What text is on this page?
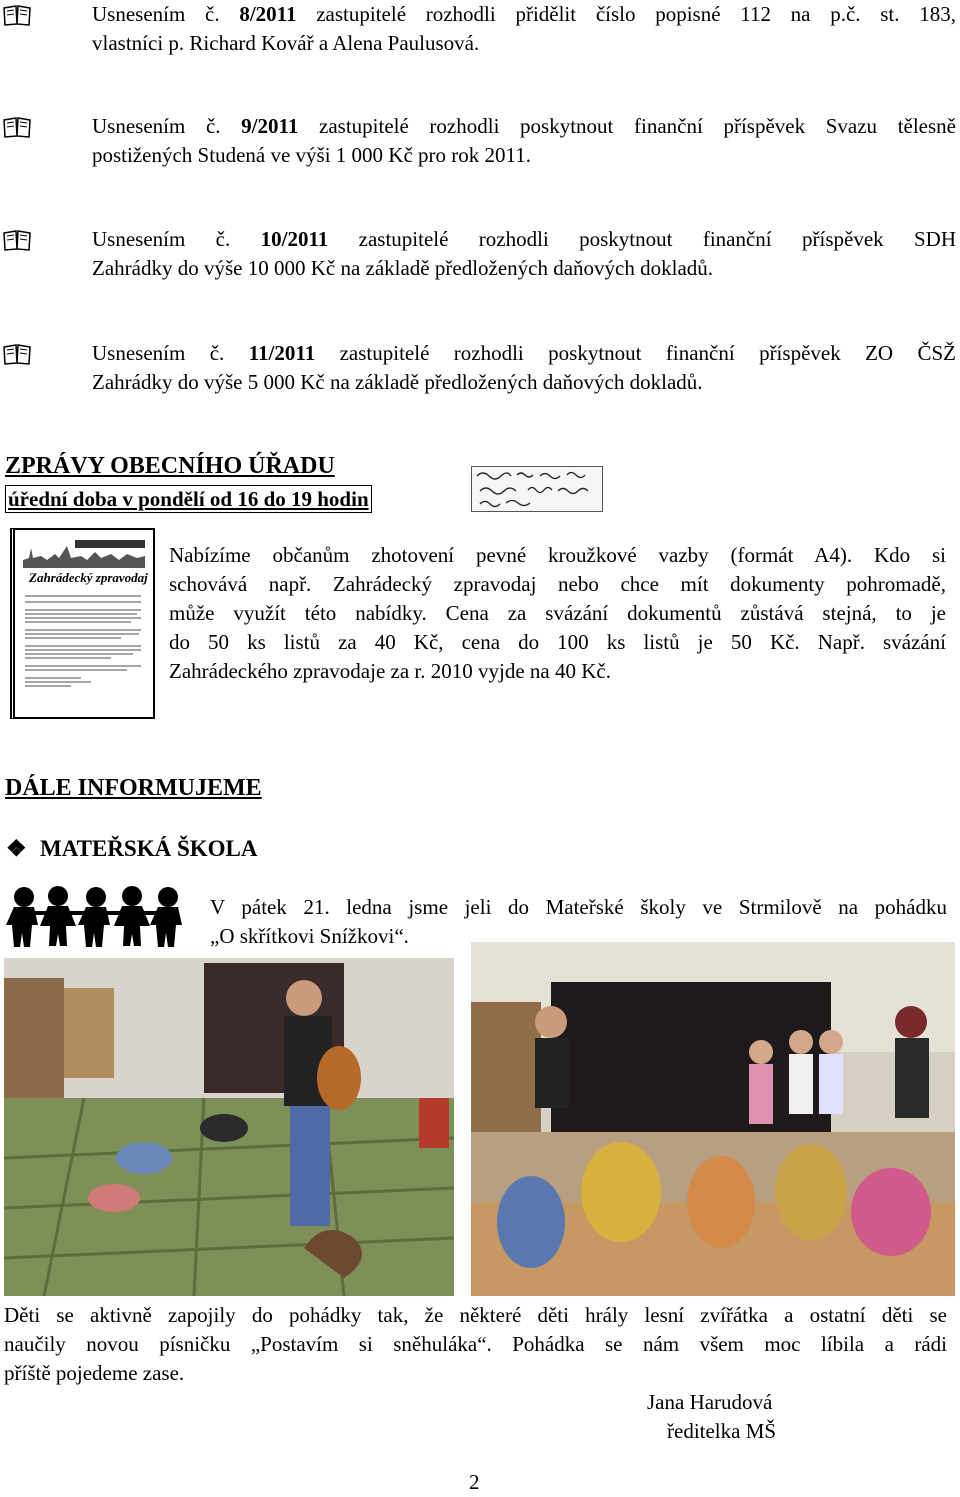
Usnesením č. 8/2011 zastupitelé rozhodli přidělit číslo popisné 112 na p.č. st. 183,
vlastníci p. Richard Kovář a Alena Paulusová.
Usnesením č. 9/2011 zastupitelé rozhodli poskytnout finanční příspěvek Svazu tělesně
postižených Studená ve výši 1 000 Kč pro rok 2011.
Usnesením č. 10/2011 zastupitelé rozhodli poskytnout finanční příspěvek SDH
Zahrádky do výše 10 000 Kč na základě předložených daňových dokladů.
Usnesením č. 11/2011 zastupitelé rozhodli poskytnout finanční příspěvek ZO ČSŽ
Zahrádky do výše 5 000 Kč na základě předložených daňových dokladů.
ZPRÁVY OBECNÍHO ÚŘADU
úřední doba v pondělí od 16 do 19 hodin
Zahrádecký zpravodaj
Nabízíme občanům zhotovení pevné kroužkové vazby (formát A4). Kdo si
schovává např. Zahrádecký zpravodaj nebo chce mít dokumenty pohromadě,
může využít této nabídky. Cena za svázání dokumentů zůstává stejná, to je
do 50 ks listů za 40 Kč, cena do 100 ks listů je 50 Kč. Např. svázání
Zahrádeckého zpravodaje za r. 2010 vyjde na 40 Kč.
DÁLE INFORMUJEME
❖ MATEŘSKÁ ŠKOLA
V pátek 21. ledna jsme jeli do Mateřské školy ve Strmilově na pohádku
„O skřítkovi Snížkovi“.
Děti se aktivně zapojily do pohádky tak, že některé děti hrály lesní zvířátka a ostatní děti se
naučily novou písničku „Postavím si sněhuláka“. Pohádka se nám všem moc líbila a rádi
příště pojedeme zase.
Jana Harudová
ředitelka MŠ
2
